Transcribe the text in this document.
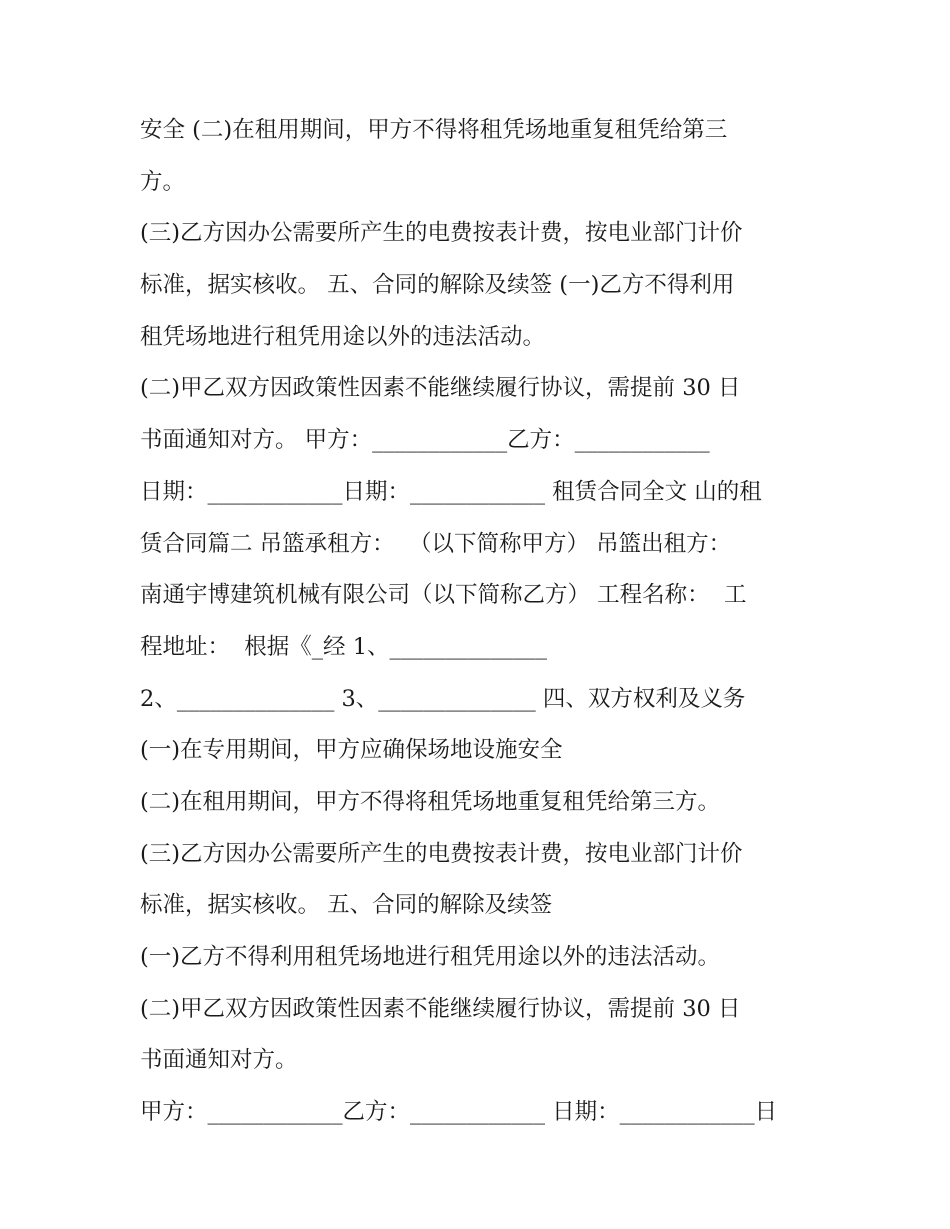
安全 (二)在租用期间，甲方不得将租凭场地重复租凭给第三
方。
(三)乙方因办公需要所产生的电费按表计费，按电业部门计价
标准，据实核收。 五、合同的解除及续签 (一)乙方不得利用
租凭场地进行租凭用途以外的违法活动。
(二)甲乙双方因政策性因素不能继续履行协议，需提前 30 日
书面通知对方。 甲方：____________乙方：____________
日期：____________日期：____________ 租赁合同全文 山的租
赁合同篇二 吊篮承租方：  （以下简称甲方） 吊篮出租方：
南通宇博建筑机械有限公司（以下简称乙方） 工程名称：  工
程地址：  根据《_经 1、______________
2、______________ 3、______________ 四、双方权利及义务
(一)在专用期间，甲方应确保场地设施安全
(二)在租用期间，甲方不得将租凭场地重复租凭给第三方。
(三)乙方因办公需要所产生的电费按表计费，按电业部门计价
标准，据实核收。 五、合同的解除及续签
(一)乙方不得利用租凭场地进行租凭用途以外的违法活动。
(二)甲乙双方因政策性因素不能继续履行协议，需提前 30 日
书面通知对方。
甲方：____________乙方：____________ 日期：____________日
